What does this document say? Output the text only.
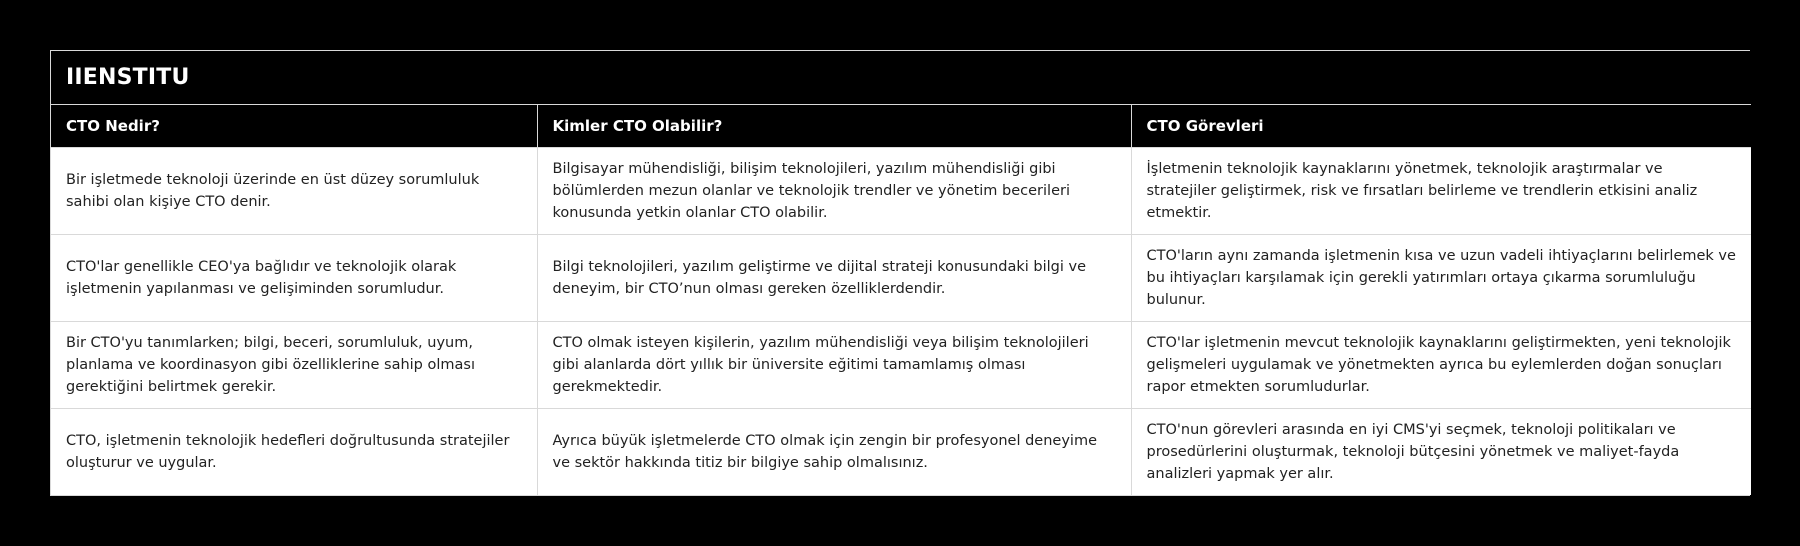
IIENSTITU		
CTO Nedir?	Kimler CTO Olabilir?	CTO Görevleri
Bir işletmede teknoloji üzerinde en üst düzey sorumluluk sahibi olan kişiye CTO denir.	Bilgisayar mühendisliği, bilişim teknolojileri, yazılım mühendisliği gibi bölümlerden mezun olanlar ve teknolojik trendler ve yönetim becerileri konusunda yetkin olanlar CTO olabilir.	İşletmenin teknolojik kaynaklarını yönetmek, teknolojik araştırmalar ve stratejiler geliştirmek, risk ve fırsatları belirleme ve trendlerin etkisini analiz etmektir.
CTO'lar genellikle CEO'ya bağlıdır ve teknolojik olarak işletmenin yapılanması ve gelişiminden sorumludur.	Bilgi teknolojileri, yazılım geliştirme ve dijital strateji konusundaki bilgi ve deneyim, bir CTO’nun olması gereken özelliklerdendir.	CTO'ların aynı zamanda işletmenin kısa ve uzun vadeli ihtiyaçlarını belirlemek ve bu ihtiyaçları karşılamak için gerekli yatırımları ortaya çıkarma sorumluluğu bulunur.
Bir CTO'yu tanımlarken; bilgi, beceri, sorumluluk, uyum, planlama ve koordinasyon gibi özelliklerine sahip olması gerektiğini belirtmek gerekir.	CTO olmak isteyen kişilerin, yazılım mühendisliği veya bilişim teknolojileri gibi alanlarda dört yıllık bir üniversite eğitimi tamamlamış olması gerekmektedir.	CTO'lar işletmenin mevcut teknolojik kaynaklarını geliştirmekten, yeni teknolojik gelişmeleri uygulamak ve yönetmekten ayrıca bu eylemlerden doğan sonuçları rapor etmekten sorumludurlar.
CTO, işletmenin teknolojik hedefleri doğrultusunda stratejiler oluşturur ve uygular.	Ayrıca büyük işletmelerde CTO olmak için zengin bir profesyonel deneyime ve sektör hakkında titiz bir bilgiye sahip olmalısınız.	CTO'nun görevleri arasında en iyi CMS'yi seçmek, teknoloji politikaları ve prosedürlerini oluşturmak, teknoloji bütçesini yönetmek ve maliyet-fayda analizleri yapmak yer alır.
